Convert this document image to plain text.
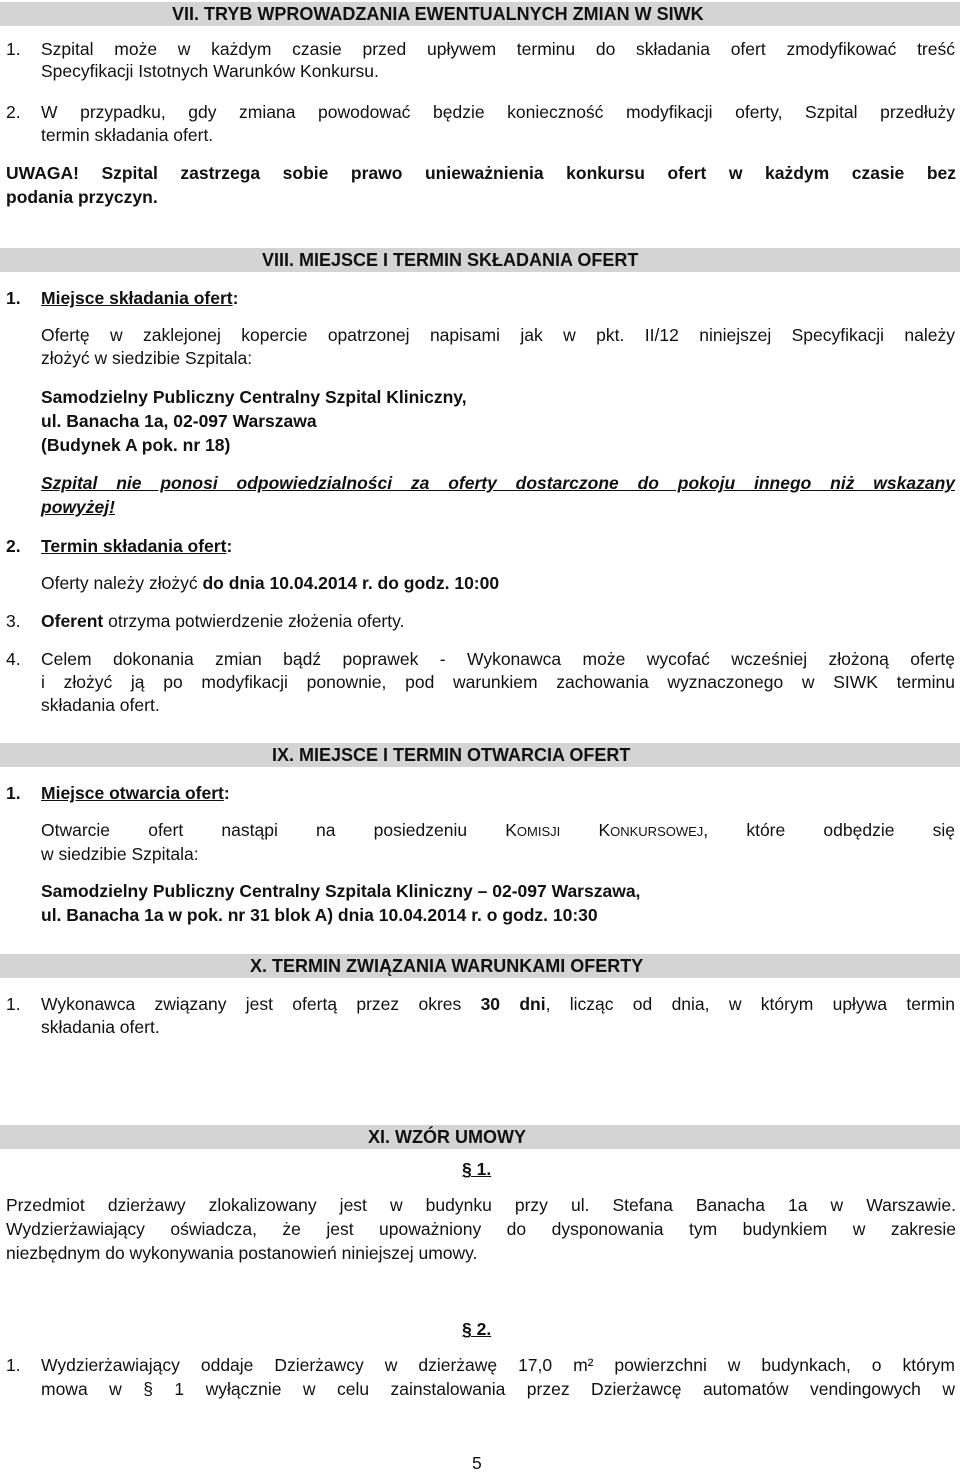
VII. TRYB WPROWADZANIA EWENTUALNYCH ZMIAN W SIWK
1. Szpital może w każdym czasie przed upływem terminu do składania ofert zmodyfikować treść
Specyfikacji Istotnych Warunków Konkursu.
2. W przypadku, gdy zmiana powodować będzie konieczność modyfikacji oferty, Szpital przedłuży
termin składania ofert.
UWAGA! Szpital zastrzega sobie prawo unieważnienia konkursu ofert w każdym czasie bez
podania przyczyn.
VIII. MIEJSCE I TERMIN SKŁADANIA OFERT
1. Miejsce składania ofert:
Ofertę w zaklejonej kopercie opatrzonej napisami jak w pkt. II/12 niniejszej Specyfikacji należy
złożyć w siedzibie Szpitala:
Samodzielny Publiczny Centralny Szpital Kliniczny,
ul. Banacha 1a, 02-097 Warszawa
(Budynek A pok. nr 18)
Szpital nie ponosi odpowiedzialności za oferty dostarczone do pokoju innego niż wskazany
powyżej!
2. Termin składania ofert:
Oferty należy złożyć do dnia 10.04.2014 r. do godz. 10:00
3. Oferent otrzyma potwierdzenie złożenia oferty.
4. Celem dokonania zmian bądź poprawek - Wykonawca może wycofać wcześniej złożoną ofertę
i złożyć ją po modyfikacji ponownie, pod warunkiem zachowania wyznaczonego w SIWK terminu
składania ofert.
IX. MIEJSCE I TERMIN OTWARCIA OFERT
1. Miejsce otwarcia ofert:
Otwarcie ofert nastąpi na posiedzeniu KOMISJI KONKURSOWEJ, które odbędzie się
w siedzibie Szpitala:
Samodzielny Publiczny Centralny Szpitala Kliniczny – 02-097 Warszawa,
ul. Banacha 1a w pok. nr 31 blok A) dnia 10.04.2014 r. o godz. 10:30
X. TERMIN ZWIĄZANIA WARUNKAMI OFERTY
1. Wykonawca związany jest ofertą przez okres 30 dni, licząc od dnia, w którym upływa termin
składania ofert.
XI. WZÓR UMOWY
§ 1.
Przedmiot dzierżawy zlokalizowany jest w budynku przy ul. Stefana Banacha 1a w Warszawie.
Wydzierżawiający oświadcza, że jest upoważniony do dysponowania tym budynkiem w zakresie
niezbędnym do wykonywania postanowień niniejszej umowy.
§ 2.
1. Wydzierżawiający oddaje Dzierżawcy w dzierżawę 17,0 m² powierzchni w budynkach, o którym
mowa w § 1 wyłącznie w celu zainstalowania przez Dzierżawcę automatów vendingowych w
5
